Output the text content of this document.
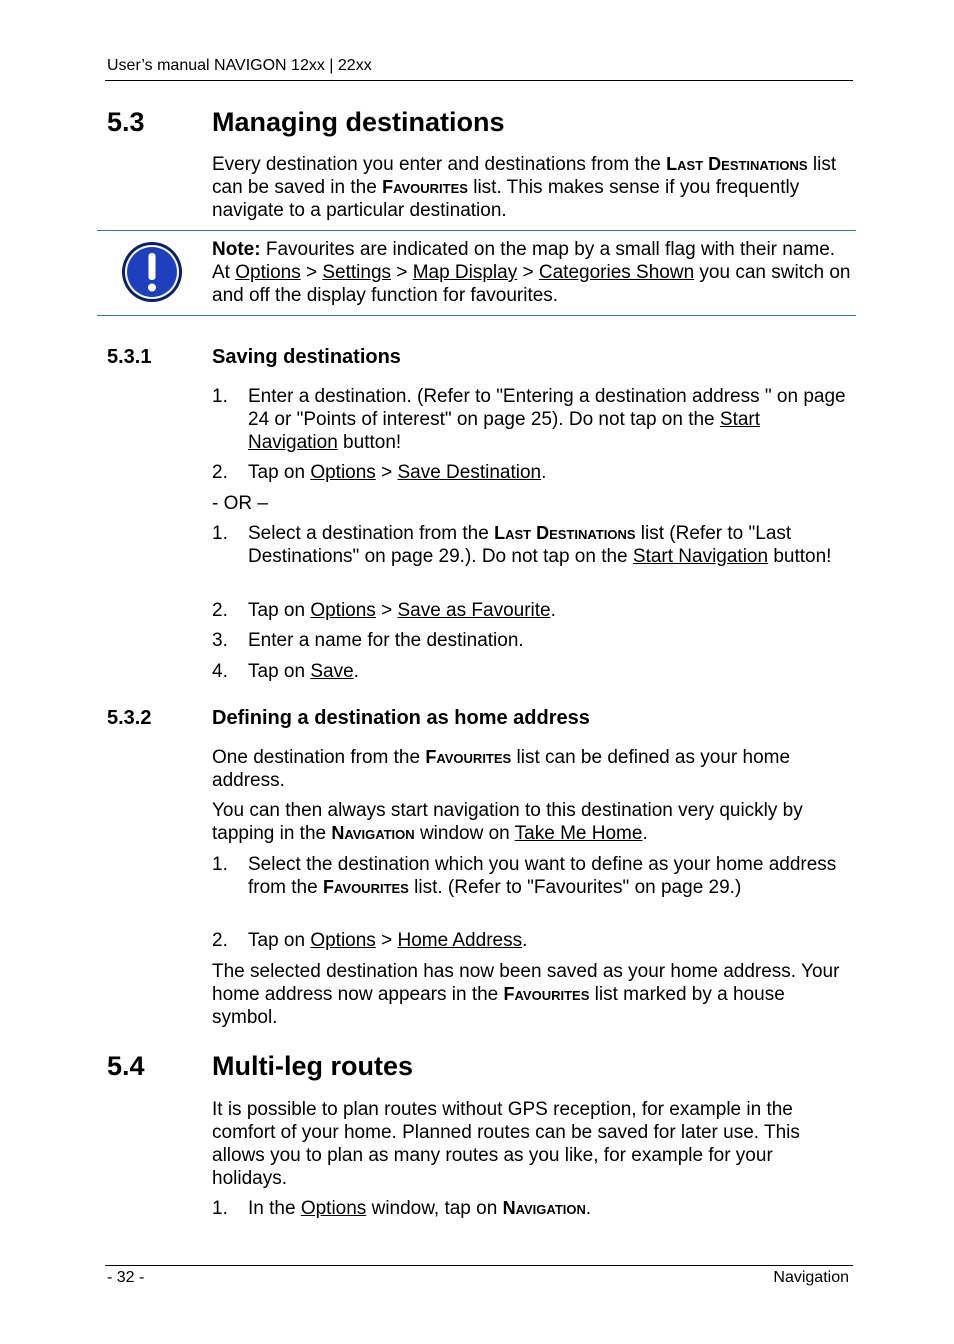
User’s manual NAVIGON 12xx | 22xx
5.3 Managing destinations

Every destination you enter and destinations from the Last Destinations list can be saved in the Favourites list. This makes sense if you frequently navigate to a particular destination.

Note: Favourites are indicated on the map by a small flag with their name. At Options > Settings > Map Display > Categories Shown you can switch on and off the display function for favourites.

5.3.1	Saving destinations
1. Enter a destination. (Refer to "Entering a destination address " on page 24 or "Points of interest" on page 25). Do not tap on the Start Navigation button!
2. Tap on Options > Save Destination.
- OR –
1. Select a destination from the Last Destinations list (Refer to "Last Destinations" on page 29.). Do not tap on the Start Navigation button!
2. Tap on Options > Save as Favourite.
3. Enter a name for the destination.
4. Tap on Save.
5.3.2	Defining a destination as home address

One destination from the Favourites list can be defined as your home address.

You can then always start navigation to this destination very quickly by tapping in the Navigation window on Take Me Home.

1. Select the destination which you want to define as your home address from the Favourites list. (Refer to "Favourites" on page 29.)
2. Tap on Options > Home Address.

The selected destination has now been saved as your home address. Your home address now appears in the Favourites list marked by a house symbol.

5.4 Multi-leg routes

It is possible to plan routes without GPS reception, for example in the comfort of your home. Planned routes can be saved for later use. This allows you to plan as many routes as you like, for example for your holidays.

1. In the Options window, tap on Navigation.
- 32 -	Navigation
